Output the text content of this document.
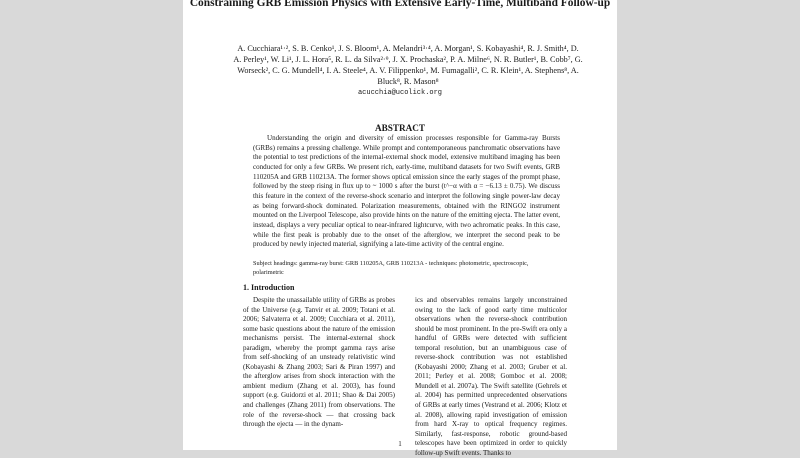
Constraining GRB Emission Physics with Extensive Early-Time, Multiband Follow-up
A. Cucchiara¹·², S. B. Cenko¹, J. S. Bloom¹, A. Melandri³·⁴, A. Morgan¹, S. Kobayashi⁴, R. J. Smith⁴, D. A. Perley¹, W. Li¹, J. L. Hora⁵, R. L. da Silva²·⁹, J. X. Prochaska², P. A. Milne⁶, N. R. Butler¹, B. Cobb⁷, G. Worseck², C. G. Mundell⁴, I. A. Steele⁴, A. V. Filippenko¹, M. Fumagalli², C. R. Klein¹, A. Stephens⁸, A. Bluck⁸, R. Mason⁸
acucchia@ucolick.org
ABSTRACT
Understanding the origin and diversity of emission processes responsible for Gamma-ray Bursts (GRBs) remains a pressing challenge. While prompt and contemporaneous panchromatic observations have the potential to test predictions of the internal-external shock model, extensive multiband imaging has been conducted for only a few GRBs. We present rich, early-time, multiband datasets for two Swift events, GRB 110205A and GRB 110213A. The former shows optical emission since the early stages of the prompt phase, followed by the steep rising in flux up to ~ 1000 s after the burst (t^−α with α = −6.13 ± 0.75). We discuss this feature in the context of the reverse-shock scenario and interpret the following single power-law decay as being forward-shock dominated. Polarization measurements, obtained with the RINGO2 instrument mounted on the Liverpool Telescope, also provide hints on the nature of the emitting ejecta. The latter event, instead, displays a very peculiar optical to near-infrared lightcurve, with two achromatic peaks. In this case, while the first peak is probably due to the onset of the afterglow, we interpret the second peak to be produced by newly injected material, signifying a late-time activity of the central engine.
Subject headings: gamma-ray burst: GRB 110205A, GRB 110213A - techniques: photometric, spectroscopic, polarimetric
1. Introduction
Despite the unassailable utility of GRBs as probes of the Universe (e.g. Tanvir et al. 2009; Totani et al. 2006; Salvaterra et al. 2009; Cucchiara et al. 2011), some basic questions about the nature of the emission mechanisms persist. The internal-external shock paradigm, whereby the prompt gamma rays arise from self-shocking of an unsteady relativistic wind (Kobayashi & Zhang 2003; Sari & Piran 1997) and the afterglow arises from shock interaction with the ambient medium (Zhang et al. 2003), has found support (e.g. Guidorzi et al. 2011; Shao & Dai 2005) and challenges (Zhang 2011) from observations. The role of the reverse-shock — that crossing back through the ejecta — in the dynam-
ics and observables remains largely unconstrained owing to the lack of good early time multicolor observations when the reverse-shock contribution should be most prominent. In the pre-Swift era only a handful of GRBs were detected with sufficient temporal resolution, but an unambiguous case of reverse-shock contribution was not established (Kobayashi 2000; Zhang et al. 2003; Gruber et al. 2011; Perley et al. 2008; Gomboc et al. 2008; Mundell et al. 2007a). The Swift satellite (Gehrels et al. 2004) has permitted unprecedented observations of GRBs at early times (Vestrand et al. 2006; Klotz et al. 2008), allowing rapid investigation of emission from hard X-ray to optical frequency regimes. Similarly, fast-response, robotic ground-based telescopes have been optimized in order to quickly follow-up Swift events. Thanks to
1
